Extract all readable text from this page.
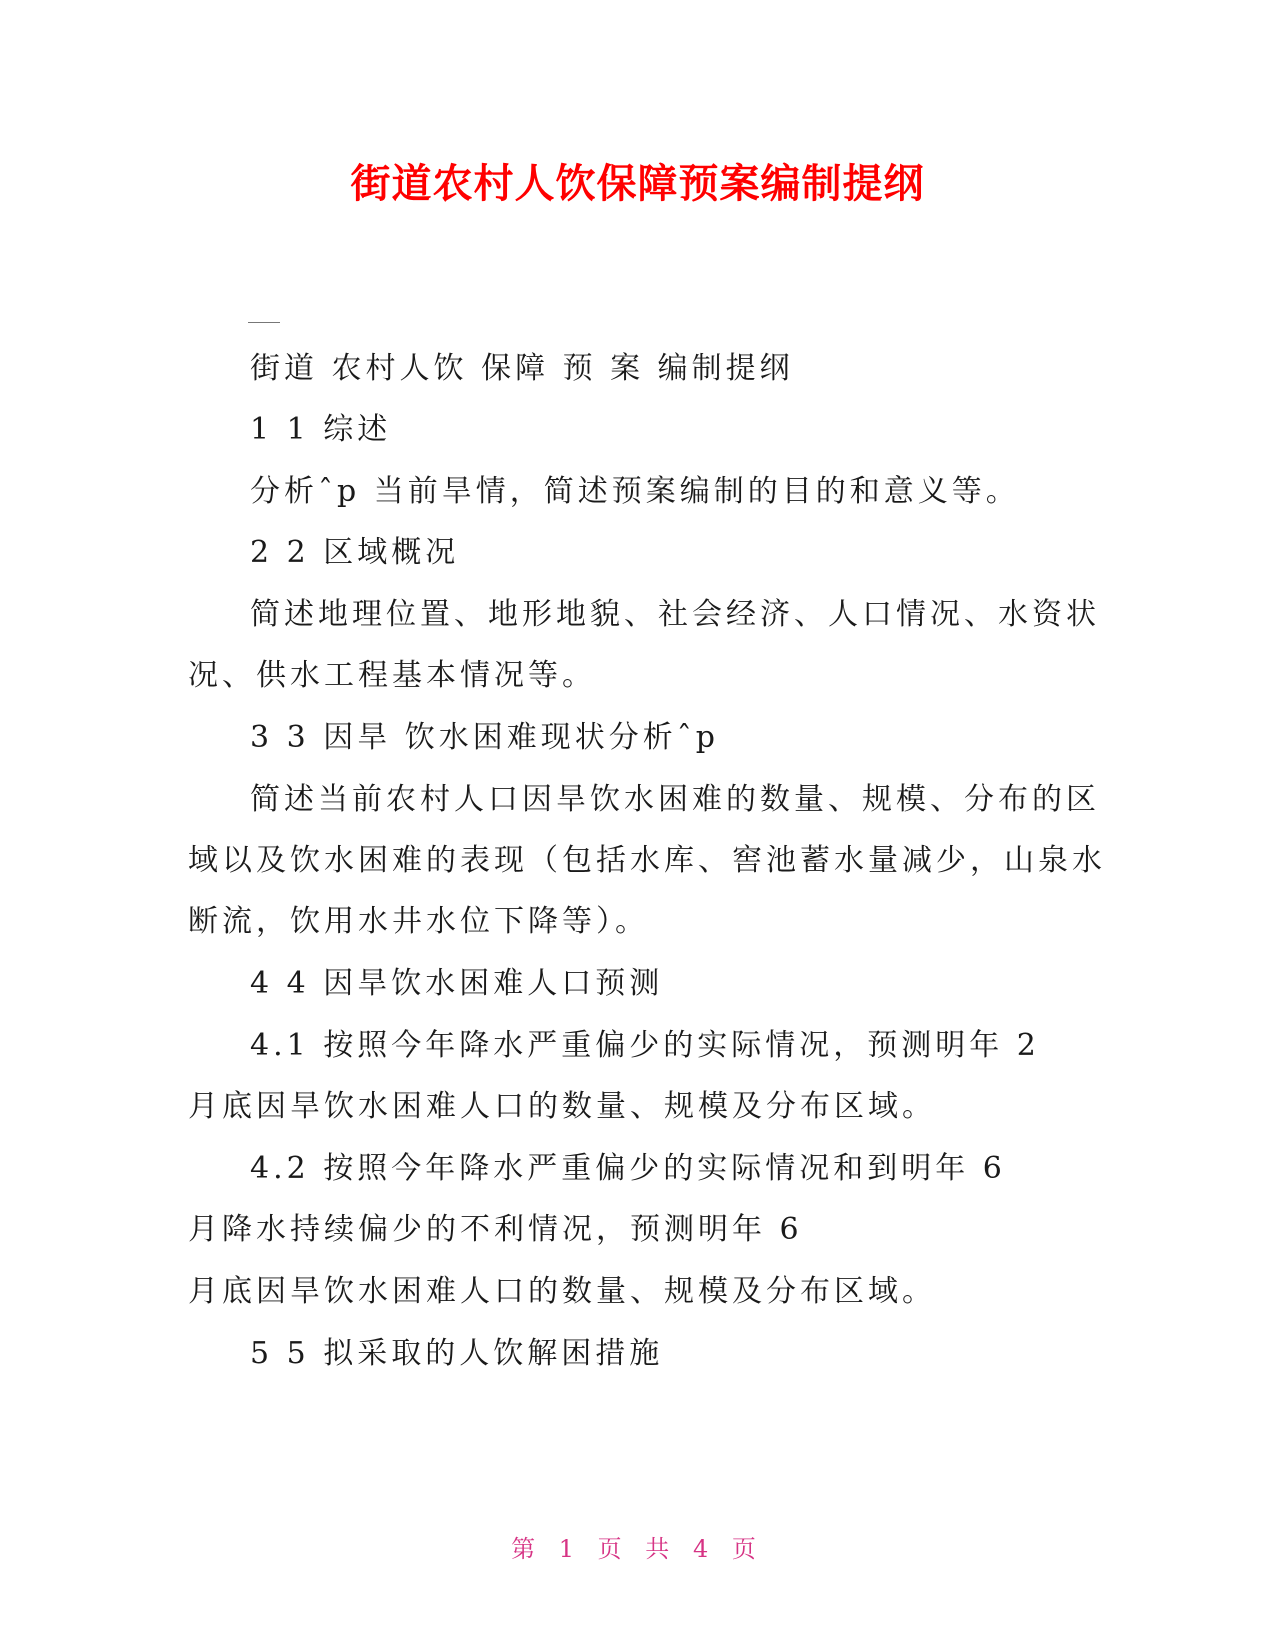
街道农村人饮保障预案编制提纲

街道 农村人饮 保障 预 案 编制提纲

1 1 综述

分析ˆp 当前旱情，简述预案编制的目的和意义等。

2 2 区域概况

简述地理位置、地形地貌、社会经济、人口情况、水资状

况、供水工程基本情况等。

3 3 因旱 饮水困难现状分析ˆp

简述当前农村人口因旱饮水困难的数量、规模、分布的区

域以及饮水困难的表现（包括水库、窖池蓄水量减少，山泉水

断流，饮用水井水位下降等）。

4 4 因旱饮水困难人口预测

4.1 按照今年降水严重偏少的实际情况，预测明年 2

月底因旱饮水困难人口的数量、规模及分布区域。

4.2 按照今年降水严重偏少的实际情况和到明年 6

月降水持续偏少的不利情况，预测明年 6

月底因旱饮水困难人口的数量、规模及分布区域。

5 5 拟采取的人饮解困措施

第 1 页 共 4 页
